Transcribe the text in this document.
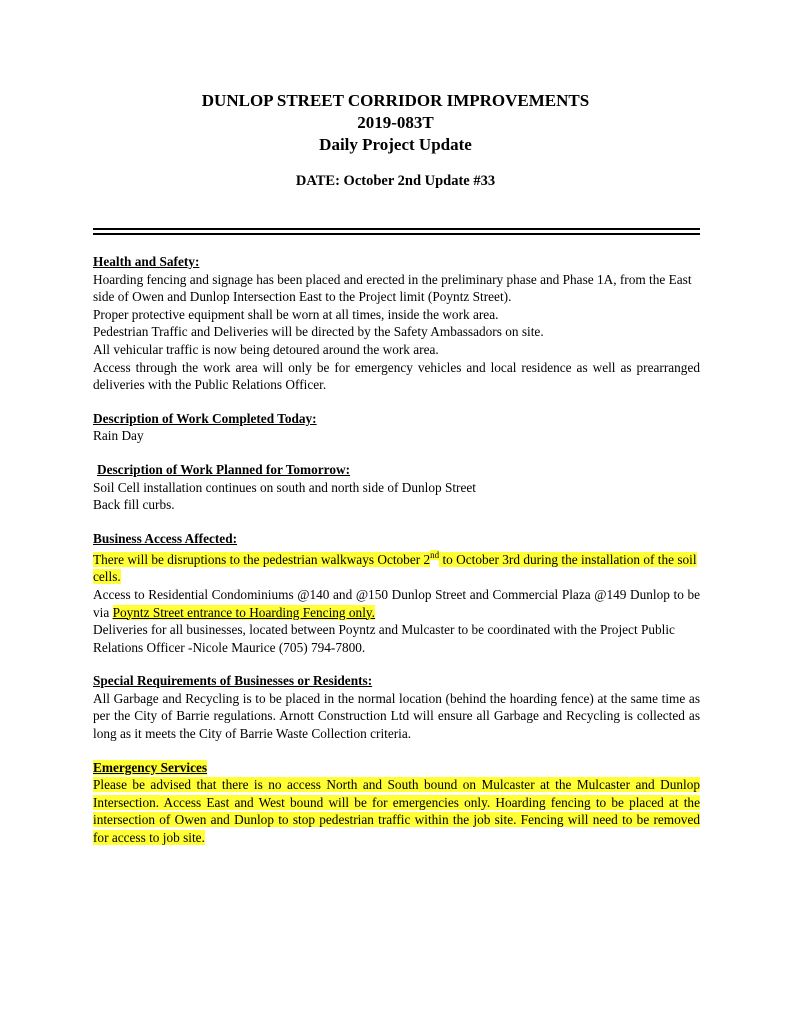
DUNLOP STREET CORRIDOR IMPROVEMENTS
2019-083T
Daily Project Update
DATE: October 2nd Update #33
Health and Safety:

Hoarding fencing and signage has been placed and erected in the preliminary phase and Phase 1A, from the East side of Owen and Dunlop Intersection East to the Project limit (Poyntz Street).

Proper protective equipment shall be worn at all times, inside the work area.

Pedestrian Traffic and Deliveries will be directed by the Safety Ambassadors on site.

All vehicular traffic is now being detoured around the work area.

Access through the work area will only be for emergency vehicles and local residence as well as prearranged deliveries with the Public Relations Officer.

Description of Work Completed Today:

Rain Day

Description of Work Planned for Tomorrow:

Soil Cell installation continues on south and north side of Dunlop Street

Back fill curbs.

Business Access Affected:

There will be disruptions to the pedestrian walkways October 2nd to October 3rd during the installation of the soil cells.

Access to Residential Condominiums @140 and @150 Dunlop Street and Commercial Plaza @149 Dunlop to be via Poyntz Street entrance to Hoarding Fencing only.

Deliveries for all businesses, located between Poyntz and Mulcaster to be coordinated with the Project Public Relations Officer -Nicole Maurice (705) 794-7800.

Special Requirements of Businesses or Residents:

All Garbage and Recycling is to be placed in the normal location (behind the hoarding fence) at the same time as per the City of Barrie regulations. Arnott Construction Ltd will ensure all Garbage and Recycling is collected as long as it meets the City of Barrie Waste Collection criteria.

Emergency Services

Please be advised that there is no access North and South bound on Mulcaster at the Mulcaster and Dunlop Intersection. Access East and West bound will be for emergencies only. Hoarding fencing to be placed at the intersection of Owen and Dunlop to stop pedestrian traffic within the job site. Fencing will need to be removed for access to job site.
